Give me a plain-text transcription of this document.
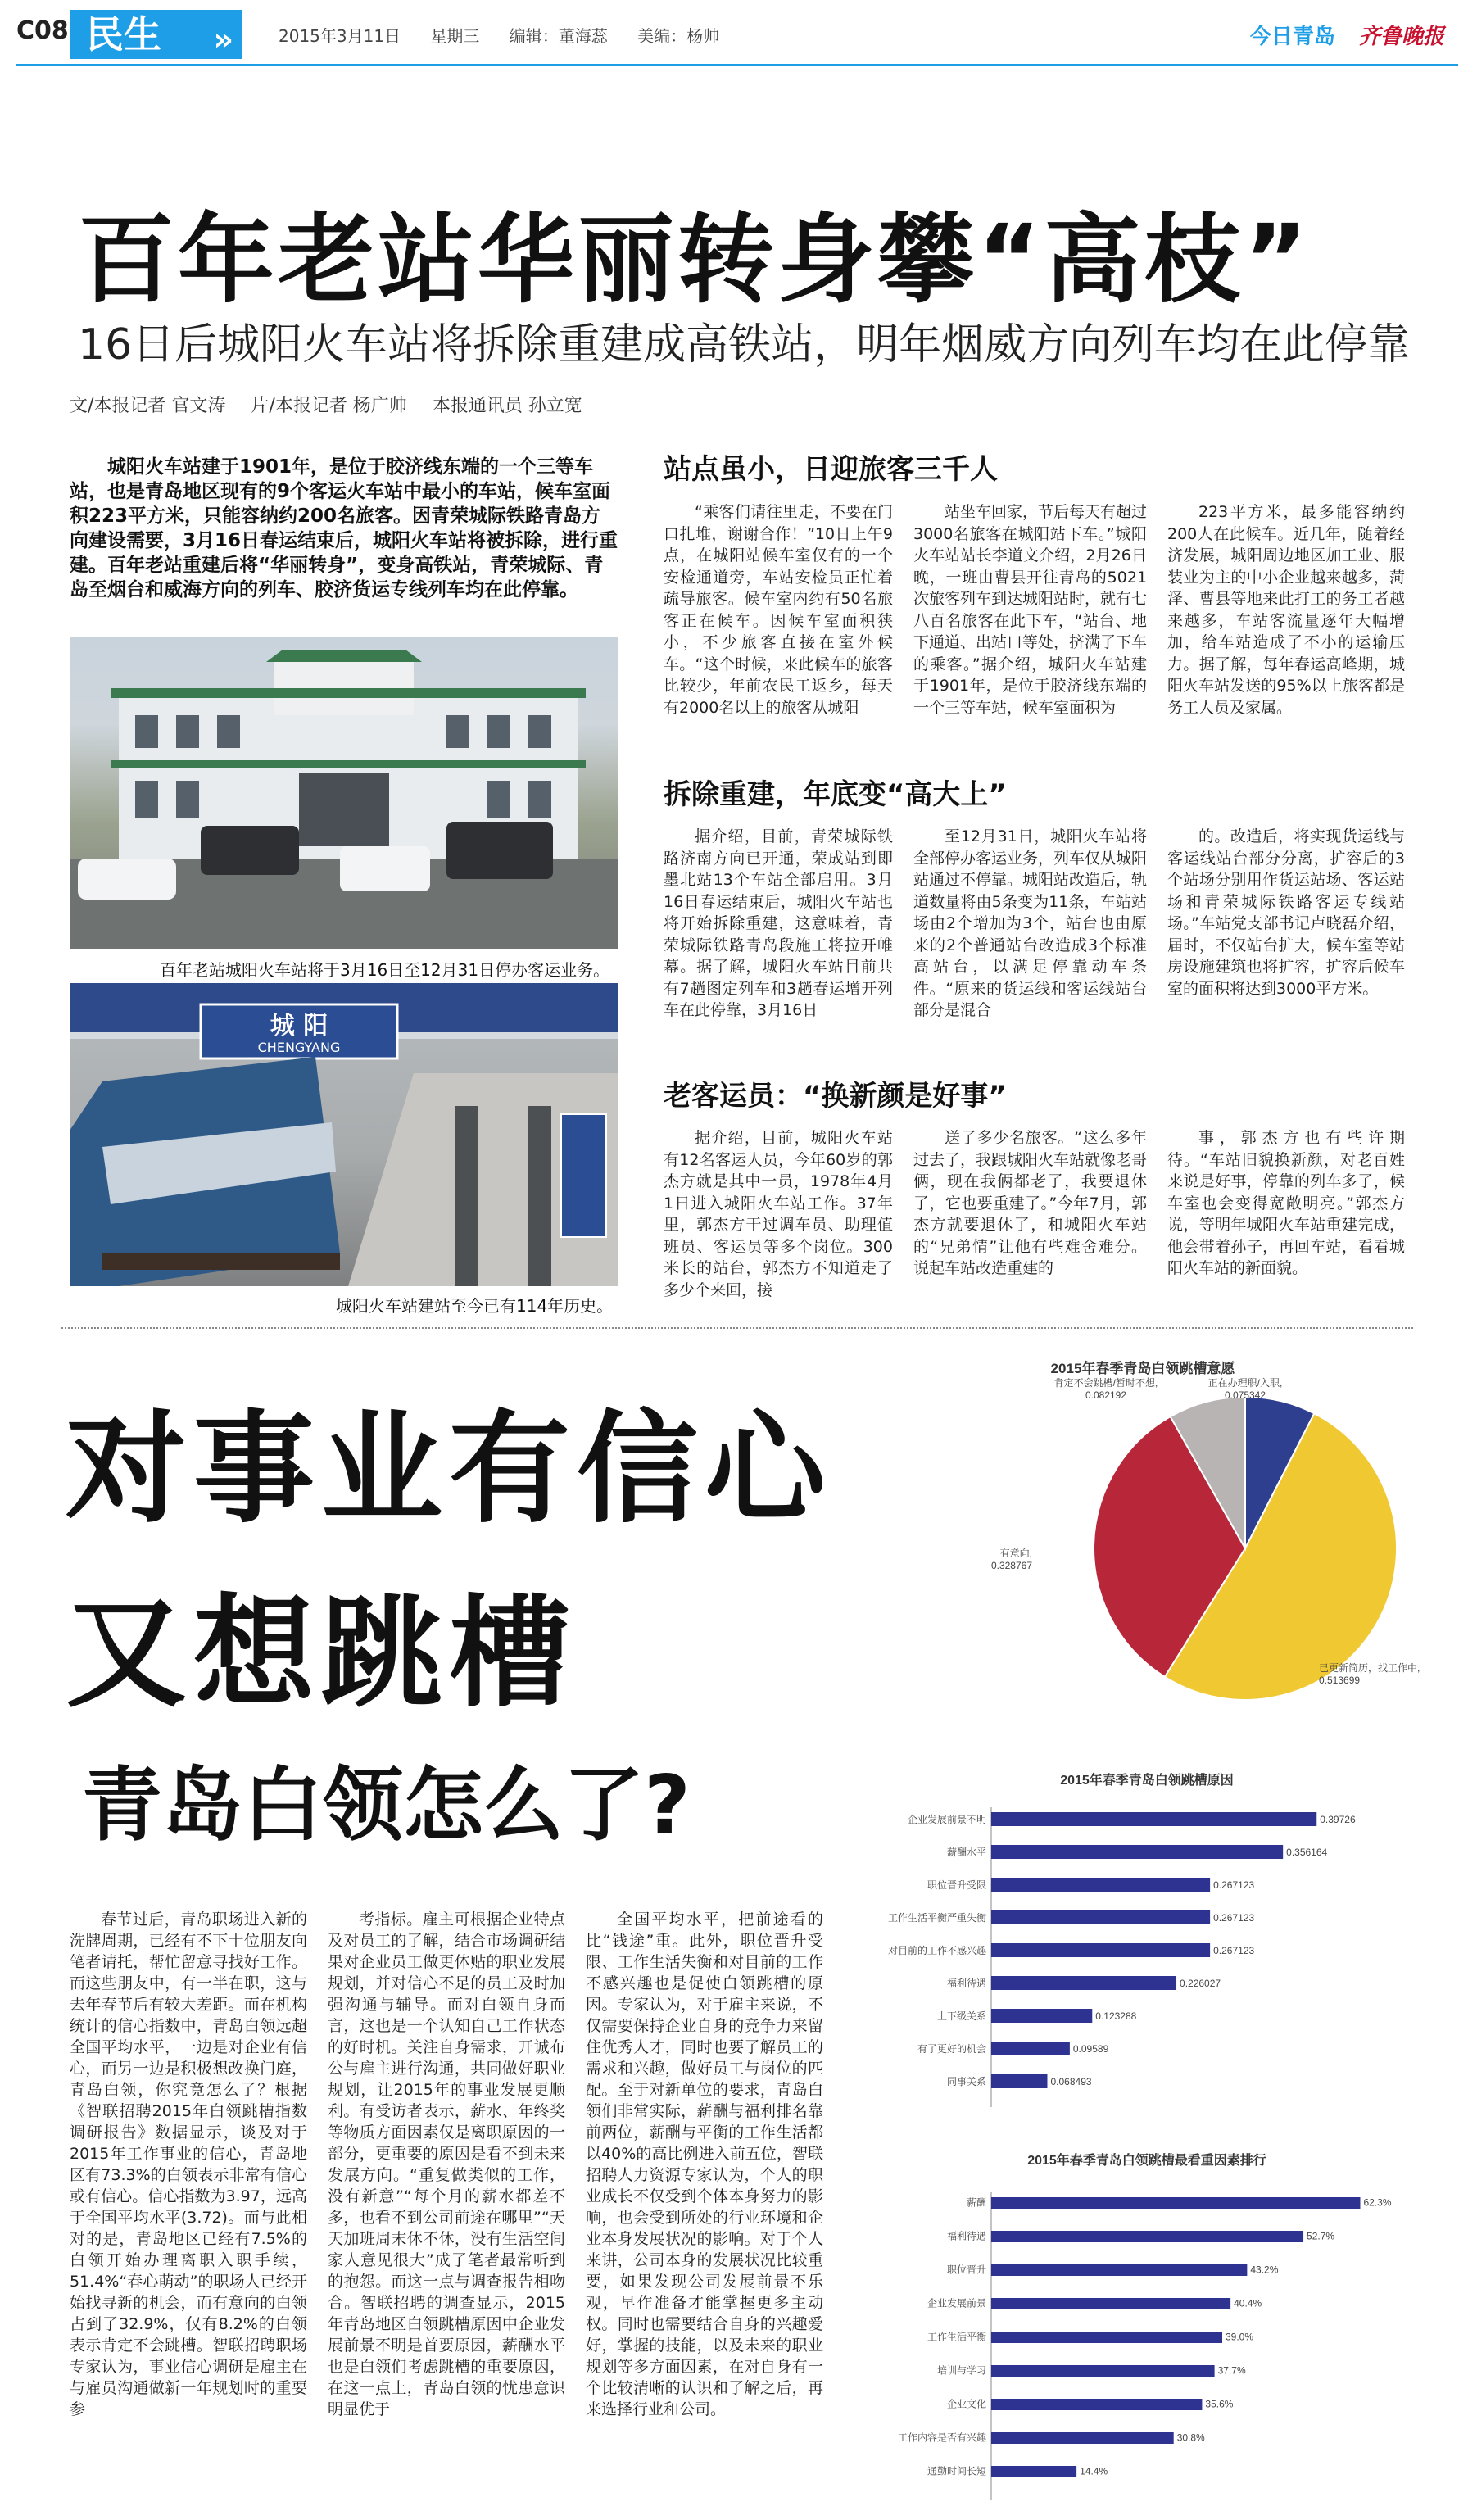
C08 民生 »	2015年3月11日 星期三 编辑：董海蕊 美编：杨帅	今日青岛 齐鲁晚报
百年老站华丽转身攀“高枝”
16日后城阳火车站将拆除重建成高铁站，明年烟威方向列车均在此停靠
文/本报记者 官文涛 片/本报记者 杨广帅 本报通讯员 孙立宽
城阳火车站建于1901年，是位于胶济线东端的一个三等车站，也是青岛地区现有的9个客运火车站中最小的车站，候车室面积223平方米，只能容纳约200名旅客。因青荣城际铁路青岛方向建设需要，3月16日春运结束后，城阳火车站将被拆除，进行重建。百年老站重建后将“华丽转身”，变身高铁站，青荣城际、青岛至烟台和威海方向的列车、胶济货运专线列车均在此停靠。
百年老站城阳火车站将于3月16日至12月31日停办客运业务。
城 阳
CHENGYANG
城阳火车站建站至今已有114年历史。
站点虽小，日迎旅客三千人

“乘客们请往里走，不要在门口扎堆，谢谢合作！”10日上午9点，在城阳站候车室仅有的一个安检通道旁，车站安检员正忙着疏导旅客。候车室内约有50名旅客正在候车。因候车室面积狭小，不少旅客直接在室外候车。“这个时候，来此候车的旅客比较少，年前农民工返乡，每天有2000名以上的旅客从城阳

站坐车回家，节后每天有超过3000名旅客在城阳站下车。”城阳火车站站长李道文介绍，2月26日晚，一班由曹县开往青岛的5021次旅客列车到达城阳站时，就有七八百名旅客在此下车，“站台、地下通道、出站口等处，挤满了下车的乘客。”据介绍，城阳火车站建于1901年，是位于胶济线东端的一个三等车站，候车室面积为

223平方米，最多能容纳约200人在此候车。近几年，随着经济发展，城阳周边地区加工业、服装业为主的中小企业越来越多，菏泽、曹县等地来此打工的务工者越来越多，车站客流量逐年大幅增加，给车站造成了不小的运输压力。据了解，每年春运高峰期，城阳火车站发送的95%以上旅客都是务工人员及家属。

拆除重建，年底变“高大上”

据介绍，目前，青荣城际铁路济南方向已开通，荣成站到即墨北站13个车站全部启用。3月16日春运结束后，城阳火车站也将开始拆除重建，这意味着，青荣城际铁路青岛段施工将拉开帷幕。据了解，城阳火车站目前共有7趟图定列车和3趟春运增开列车在此停靠，3月16日

至12月31日，城阳火车站将全部停办客运业务，列车仅从城阳站通过不停靠。城阳站改造后，轨道数量将由5条变为11条，车站站场由2个增加为3个，站台也由原来的2个普通站台改造成3个标准高站台，以满足停靠动车条件。“原来的货运线和客运线站台部分是混合

的。改造后，将实现货运线与客运线站台部分分离，扩容后的3个站场分别用作货运站场、客运站场和青荣城际铁路客运专线站场。”车站党支部书记卢晓磊介绍，届时，不仅站台扩大，候车室等站房设施建筑也将扩容，扩容后候车室的面积将达到3000平方米。

老客运员：“换新颜是好事”

据介绍，目前，城阳火车站有12名客运人员，今年60岁的郭杰方就是其中一员，1978年4月1日进入城阳火车站工作。37年里，郭杰方干过调车员、助理值班员、客运员等多个岗位。300米长的站台，郭杰方不知道走了多少个来回，接

送了多少名旅客。“这么多年过去了，我跟城阳火车站就像老哥俩，现在我俩都老了，我要退休了，它也要重建了。”今年7月，郭杰方就要退休了，和城阳火车站的“兄弟情”让他有些难舍难分。说起车站改造重建的

事，郭杰方也有些许期待。“车站旧貌换新颜，对老百姓来说是好事，停靠的列车多了，候车室也会变得宽敞明亮。”郭杰方说，等明年城阳火车站重建完成，他会带着孙子，再回车站，看看城阳火车站的新面貌。

对事业有信心
又想跳槽
青岛白领怎么了?

春节过后，青岛职场进入新的洗牌周期，已经有不下十位朋友向笔者请托，帮忙留意寻找好工作。而这些朋友中，有一半在职，这与去年春节后有较大差距。而在机构统计的信心指数中，青岛白领远超全国平均水平，一边是对企业有信心，而另一边是积极想改换门庭，青岛白领，你究竟怎么了？根据《智联招聘2015年白领跳槽指数调研报告》数据显示，谈及对于2015年工作事业的信心，青岛地区有73.3%的白领表示非常有信心或有信心。信心指数为3.97，远高于全国平均水平(3.72)。而与此相对的是，青岛地区已经有7.5%的白领开始办理离职入职手续，51.4%“春心萌动”的职场人已经开始找寻新的机会，而有意向的白领占到了32.9%，仅有8.2%的白领表示肯定不会跳槽。智联招聘职场专家认为，事业信心调研是雇主在与雇员沟通做新一年规划时的重要参

考指标。雇主可根据企业特点及对员工的了解，结合市场调研结果对企业员工做更体贴的职业发展规划，并对信心不足的员工及时加强沟通与辅导。而对白领自身而言，这也是一个认知自己工作状态的好时机。关注自身需求，开诚布公与雇主进行沟通，共同做好职业规划，让2015年的事业发展更顺利。有受访者表示，薪水、年终奖等物质方面因素仅是离职原因的一部分，更重要的原因是看不到未来发展方向。“重复做类似的工作，没有新意”“每个月的薪水都差不多，也看不到公司前途在哪里”“天天加班周末休不休，没有生活空间家人意见很大”成了笔者最常听到的抱怨。而这一点与调查报告相吻合。智联招聘的调查显示，2015年青岛地区白领跳槽原因中企业发展前景不明是首要原因，薪酬水平也是白领们考虑跳槽的重要原因，在这一点上，青岛白领的忧患意识明显优于

全国平均水平，把前途看的比“钱途”重。此外，职位晋升受限、工作生活失衡和对目前的工作不感兴趣也是促使白领跳槽的原因。专家认为，对于雇主来说，不仅需要保持企业自身的竞争力来留住优秀人才，同时也要了解员工的需求和兴趣，做好员工与岗位的匹配。至于对新单位的要求，青岛白领们非常实际，薪酬与福利排名靠前两位，薪酬与平衡的工作生活都以40%的高比例进入前五位，智联招聘人力资源专家认为，个人的职业成长不仅受到个体本身努力的影响，也会受到所处的行业环境和企业本身发展状况的影响。对于个人来讲，公司本身的发展状况比较重要，如果发现公司发展前景不乐观，早作准备才能掌握更多主动权。同时也需要结合自身的兴趣爱好，掌握的技能，以及未来的职业规划等多方面因素，在对自身有一个比较清晰的认识和了解之后，再来选择行业和公司。

2015年春季青岛白领跳槽意愿
正在办理职/入职,
0.075342
已更新简历，找工作中,
0.513699
有意向,
0.328767
肯定不会跳槽/暂时不想,
0.082192
2015年春季青岛白领跳槽原因
企业发展前景不明	0.39726
薪酬水平	0.356164
职位晋升受限	0.267123
工作生活平衡严重失衡	0.267123
对目前的工作不感兴趣	0.267123
福利待遇	0.226027
上下级关系	0.123288
有了更好的机会	0.09589
同事关系	0.068493
2015年春季青岛白领跳槽最看重因素排行
薪酬	62.3%
福利待遇	52.7%
职位晋升	43.2%
企业发展前景	40.4%
工作生活平衡	39.0%
培训与学习	37.7%
企业文化	35.6%
工作内容是否有兴趣	30.8%
通勤时间长短	14.4%
